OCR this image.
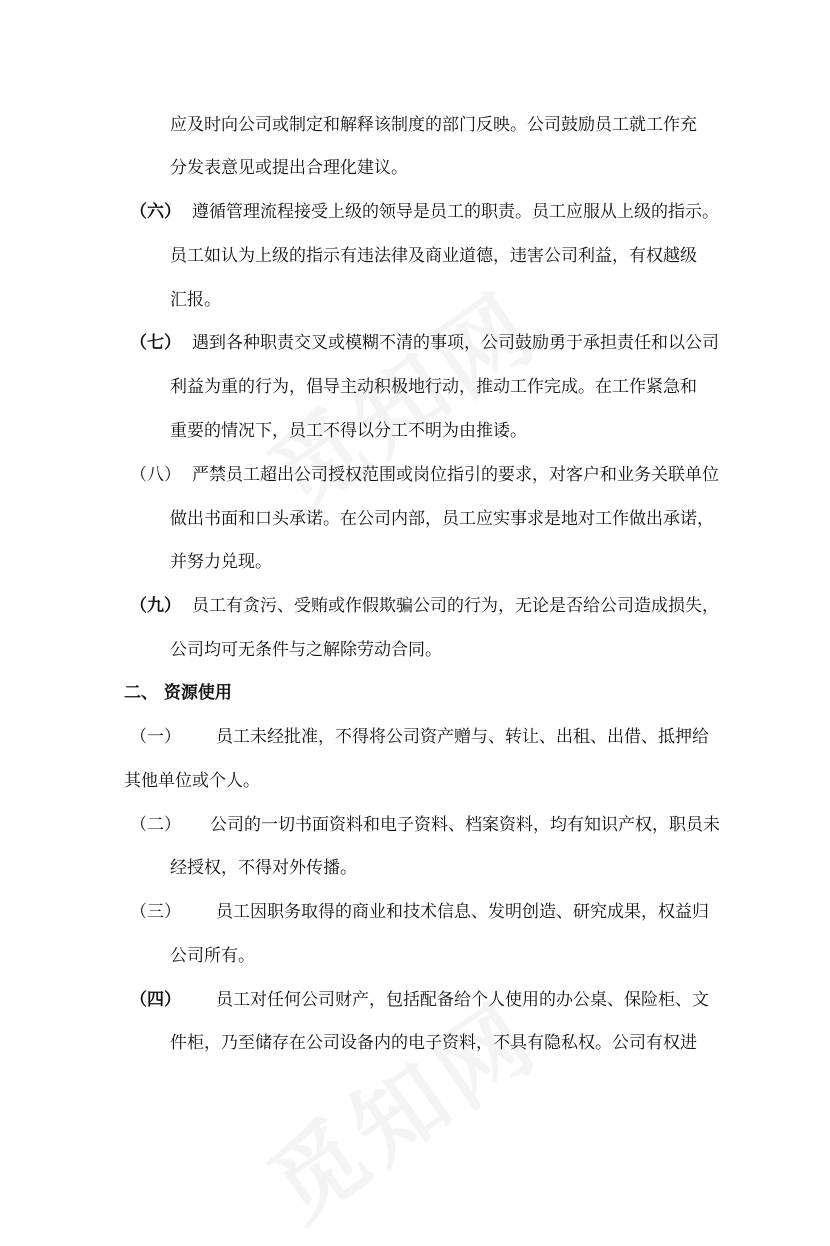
应及时向公司或制定和解释该制度的部门反映。公司鼓励员工就工作充
分发表意见或提出合理化建议。
（六） 遵循管理流程接受上级的领导是员工的职责。员工应服从上级的指示。
员工如认为上级的指示有违法律及商业道德，违害公司利益，有权越级
汇报。
（七） 遇到各种职责交叉或模糊不清的事项，公司鼓励勇于承担责任和以公司
利益为重的行为，倡导主动积极地行动，推动工作完成。在工作紧急和
重要的情况下，员工不得以分工不明为由推诿。
（八） 严禁员工超出公司授权范围或岗位指引的要求，对客户和业务关联单位
做出书面和口头承诺。在公司内部，员工应实事求是地对工作做出承诺，
并努力兑现。
（九） 员工有贪污、受贿或作假欺骗公司的行为，无论是否给公司造成损失，
公司均可无条件与之解除劳动合同。
二、 资源使用
（一） 员工未经批准，不得将公司资产赠与、转让、出租、出借、抵押给
其他单位或个人。
（二） 公司的一切书面资料和电子资料、档案资料，均有知识产权，职员未
经授权，不得对外传播。
（三） 员工因职务取得的商业和技术信息、发明创造、研究成果，权益归
公司所有。
（四） 员工对任何公司财产，包括配备给个人使用的办公桌、保险柜、文
件柜，乃至储存在公司设备内的电子资料，不具有隐私权。公司有权进
